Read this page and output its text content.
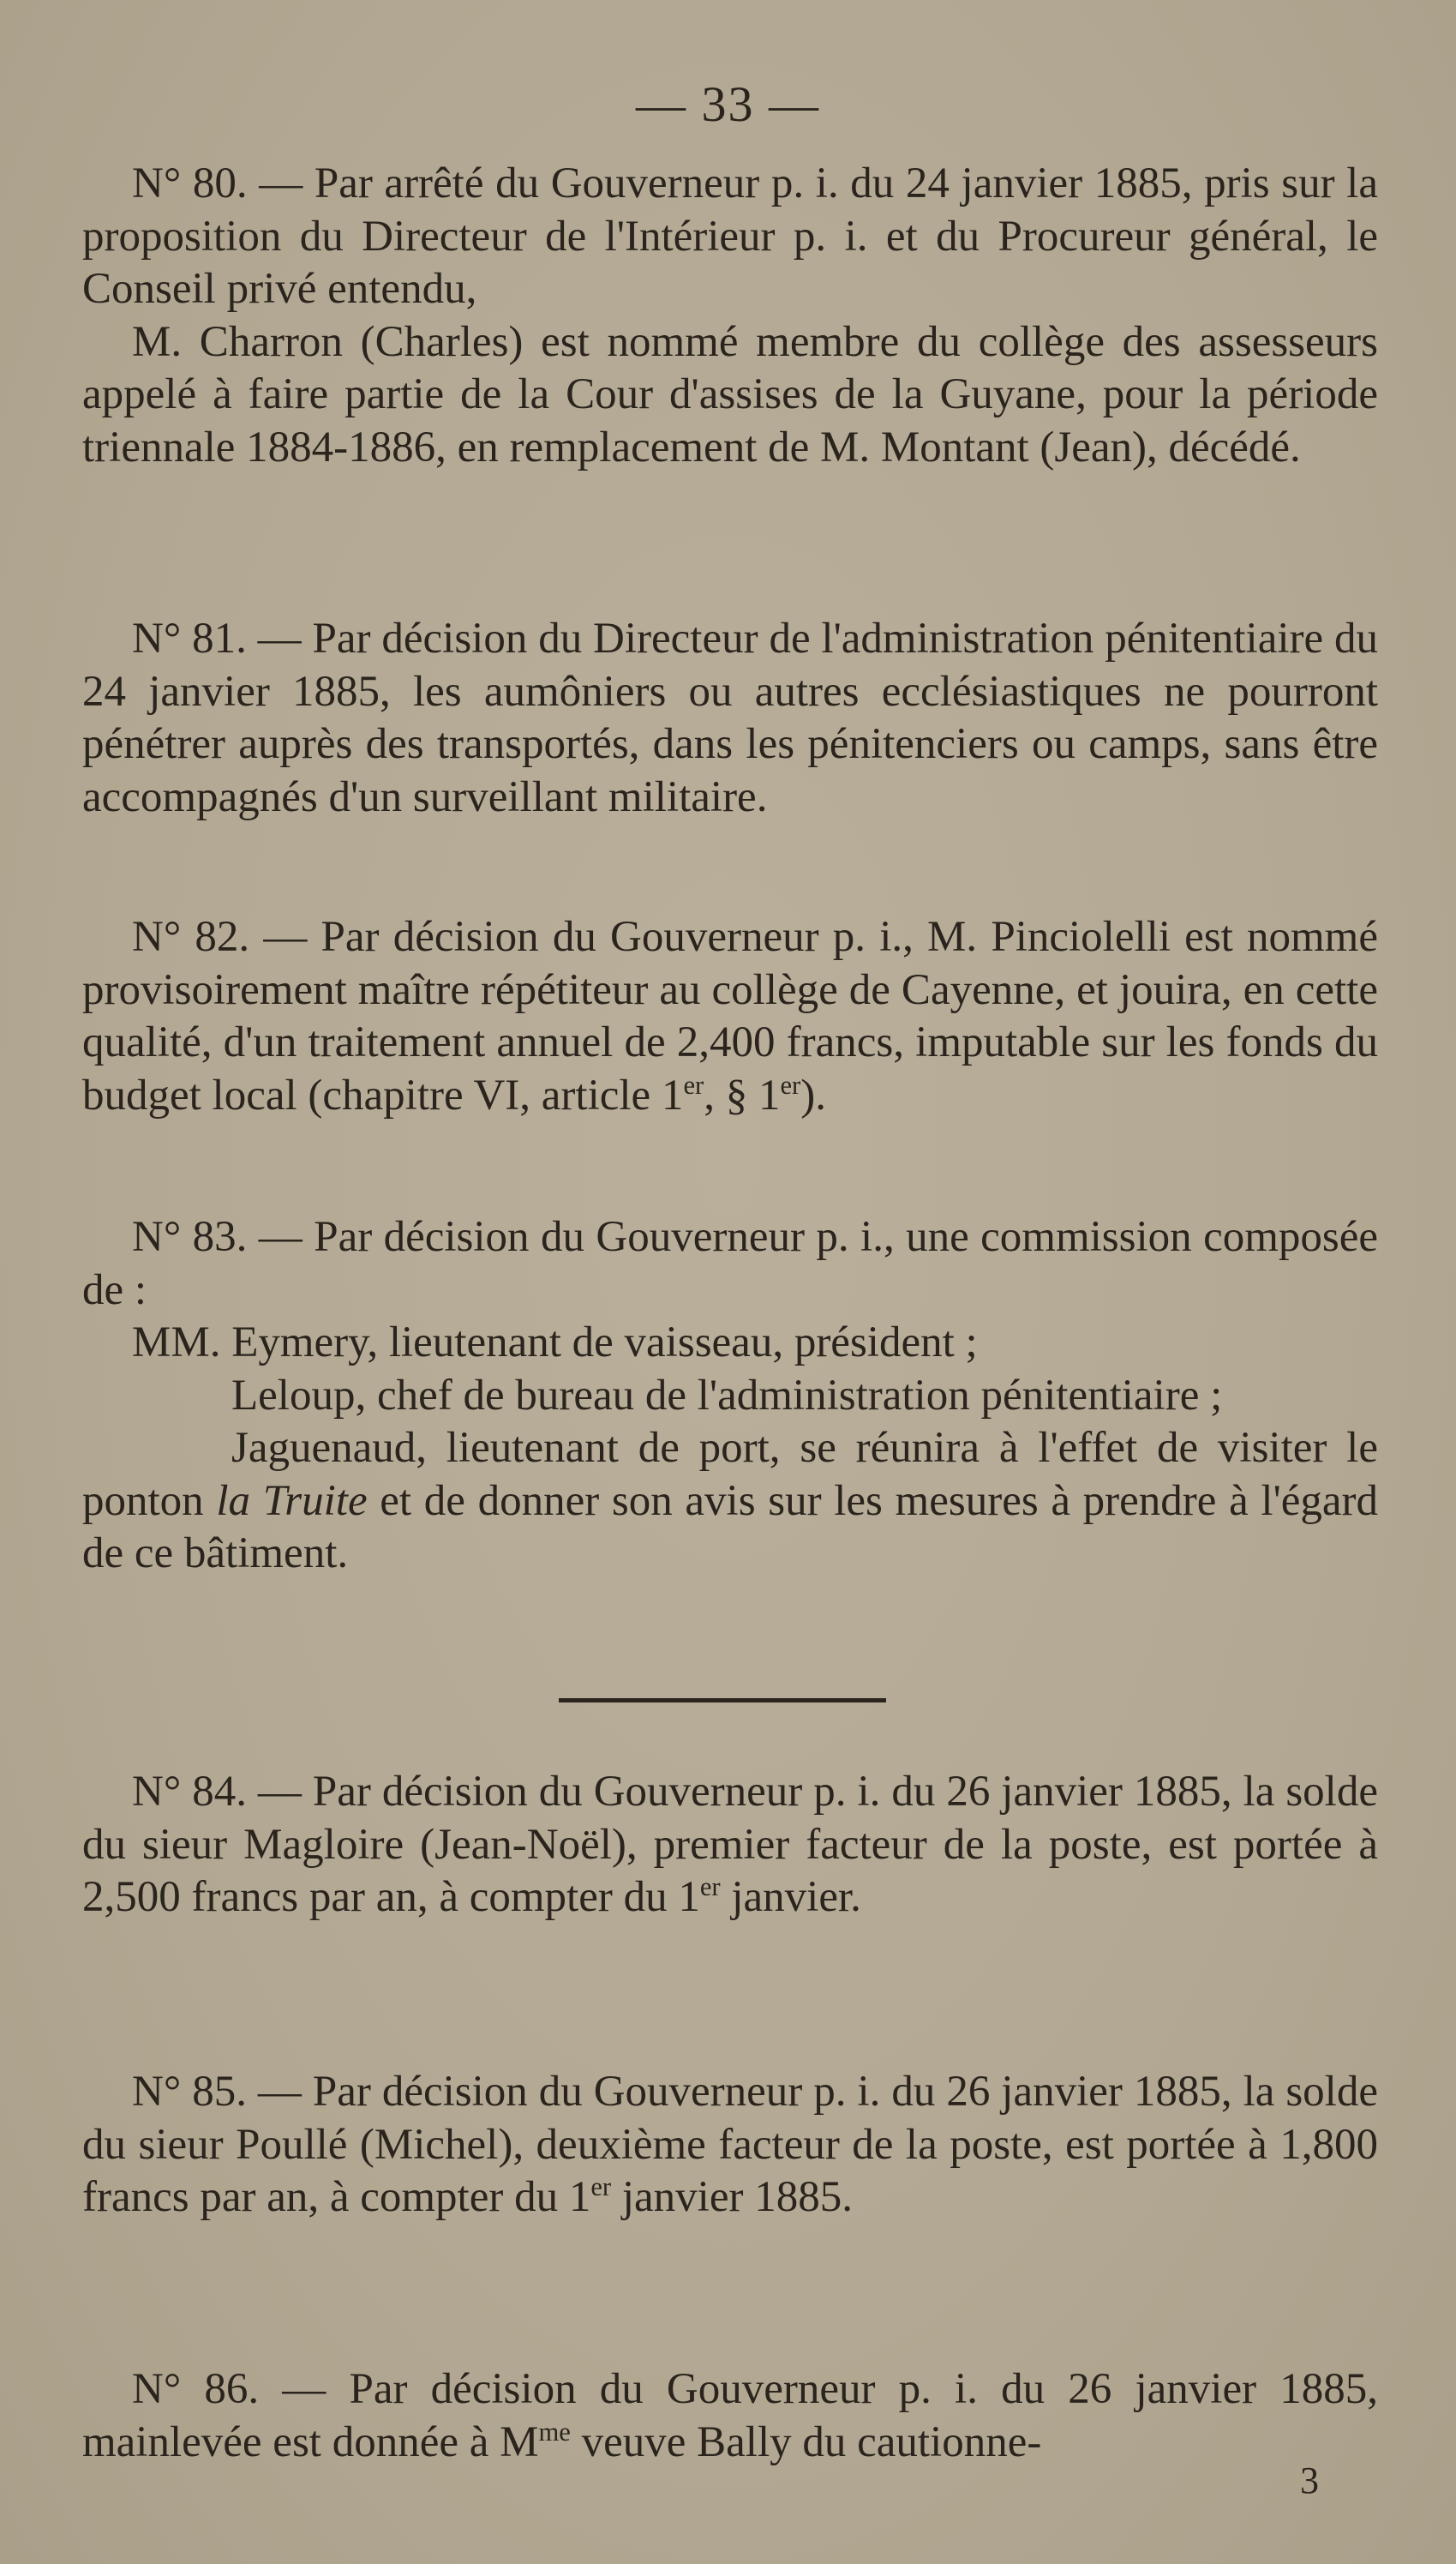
— 33 —

N° 80. — Par arrêté du Gouverneur p. i. du 24 janvier 1885, pris sur la proposition du Directeur de l'Intérieur p. i. et du Procureur général, le Conseil privé entendu,

M. Charron (Charles) est nommé membre du collège des assesseurs appelé à faire partie de la Cour d'assises de la Guyane, pour la période triennale 1884-1886, en remplacement de M. Montant (Jean), décédé.

N° 81. — Par décision du Directeur de l'administration pénitentiaire du 24 janvier 1885, les aumôniers ou autres ecclésiastiques ne pourront pénétrer auprès des transportés, dans les pénitenciers ou camps, sans être accompagnés d'un surveillant militaire.

N° 82. — Par décision du Gouverneur p. i., M. Pinciolelli est nommé provisoirement maître répétiteur au collège de Cayenne, et jouira, en cette qualité, d'un traitement annuel de 2,400 francs, imputable sur les fonds du budget local (chapitre VI, article 1er, § 1er).

N° 83. — Par décision du Gouverneur p. i., une commission composée de :

MM. Eymery, lieutenant de vaisseau, président ;

Leloup, chef de bureau de l'administration pénitentiaire ;

Jaguenaud, lieutenant de port, se réunira à l'effet de visiter le ponton la Truite et de donner son avis sur les mesures à prendre à l'égard de ce bâtiment.

N° 84. — Par décision du Gouverneur p. i. du 26 janvier 1885, la solde du sieur Magloire (Jean-Noël), premier facteur de la poste, est portée à 2,500 francs par an, à compter du 1er janvier.

N° 85. — Par décision du Gouverneur p. i. du 26 janvier 1885, la solde du sieur Poullé (Michel), deuxième facteur de la poste, est portée à 1,800 francs par an, à compter du 1er janvier 1885.

N° 86. — Par décision du Gouverneur p. i. du 26 janvier 1885, mainlevée est donnée à $M^{me}$ veuve Bally du cautionne-

3
